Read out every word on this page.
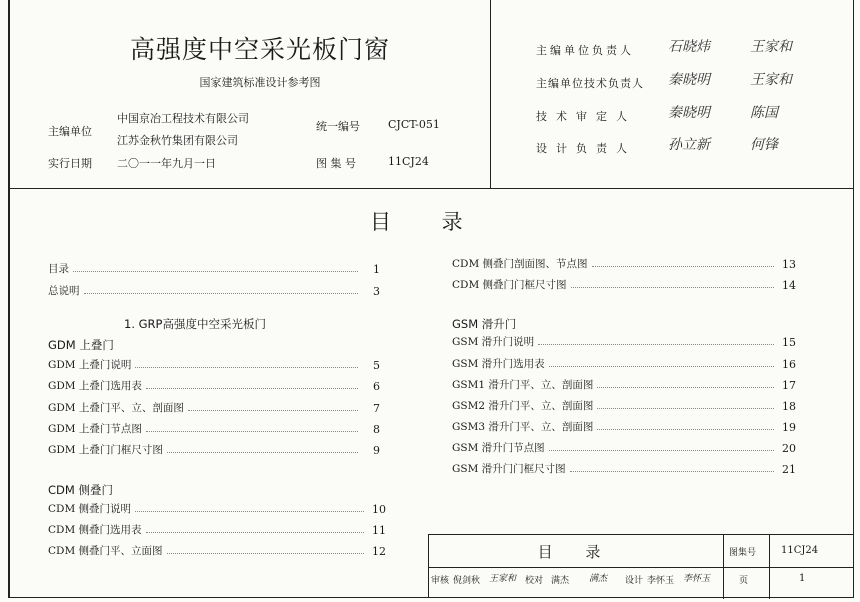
高强度中空采光板门窗
国家建筑标准设计参考图
主编单位
中国京冶工程技术有限公司
江苏金秋竹集团有限公司
实行日期 二〇一一年九月一日
统一编号	CJCT-051
图 集 号	11CJ24
主编单位负责人 石晓炜	王家和
主编单位技术负责人 秦晓明	王家和
技术审定人 秦晓明	陈国
设计负责人 孙立新	何锋
目 录
目录	1
总说明	3
1. GRP高强度中空采光板门
GDM 上叠门
GDM 上叠门说明	5
GDM 上叠门选用表	6
GDM 上叠门平、立、剖面图	7
GDM 上叠门节点图	8
GDM 上叠门门框尺寸图	9
CDM 侧叠门
CDM 侧叠门说明	10
CDM 侧叠门选用表	11
CDM 侧叠门平、立面图	12
CDM 侧叠门剖面图、节点图	13
CDM 侧叠门门框尺寸图	14
GSM 滑升门
GSM 滑升门说明	15
GSM 滑升门选用表	16
GSM1 滑升门平、立、剖面图	17
GSM2 滑升门平、立、剖面图	18
GSM3 滑升门平、立、剖面图	19
GSM 滑升门节点图	20
GSM 滑升门门框尺寸图	21
目 录	图集号 11CJ24
审核 倪剑秋 王家和 校对 满杰 满杰 设计 李怀玉 李怀玉	页	1
